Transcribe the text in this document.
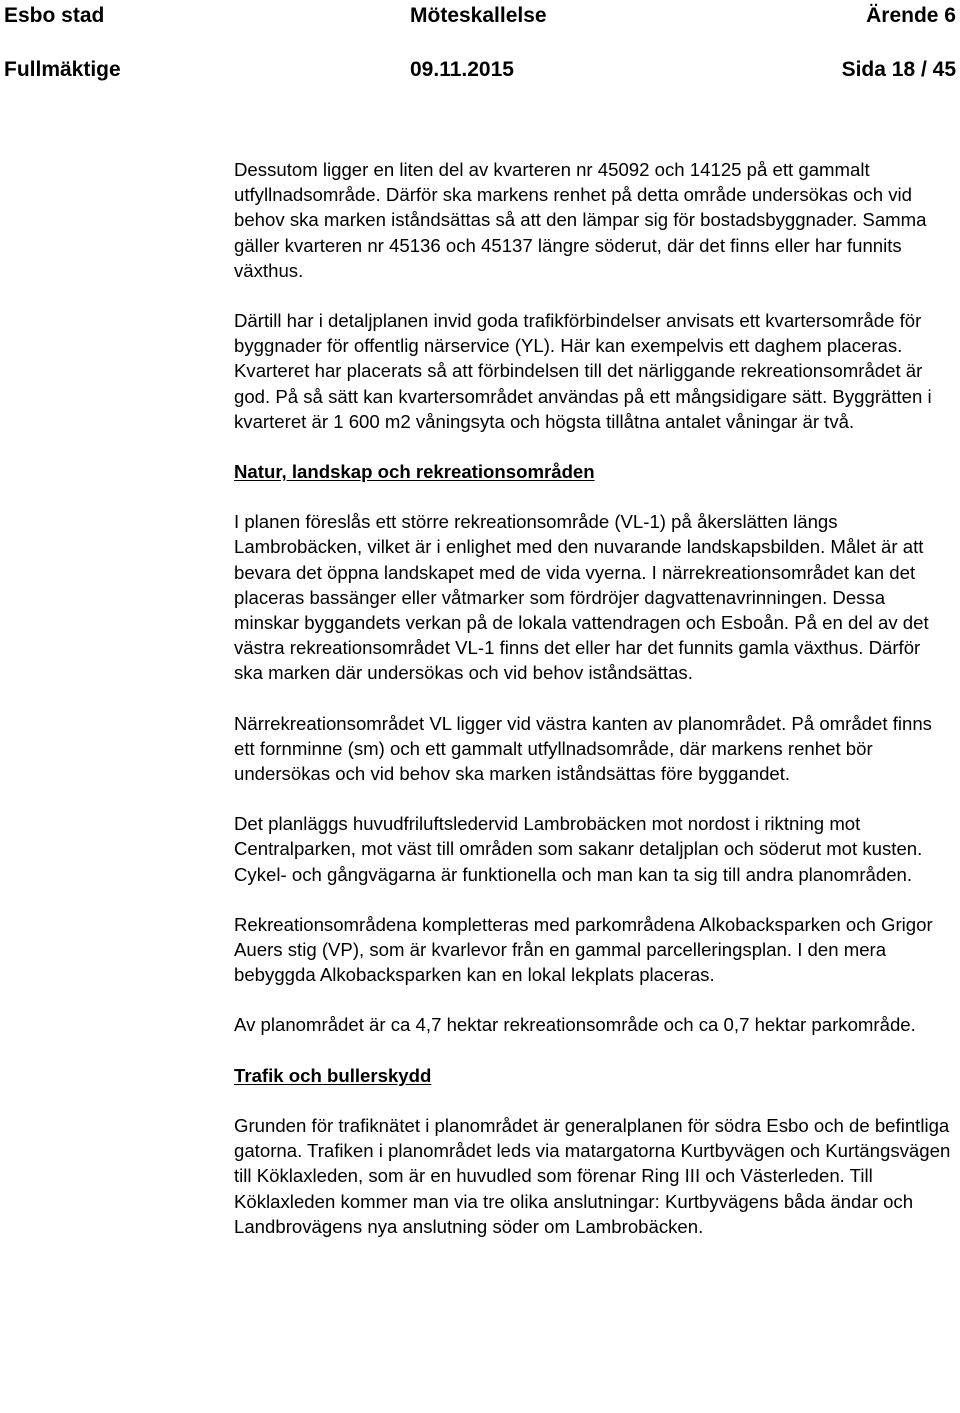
Esbo stad	Möteskallelse	Ärende 6
Fullmäktige	09.11.2015	Sida 18 / 45

Dessutom ligger en liten del av kvarteren nr 45092 och 14125 på ett gammalt utfyllnadsområde. Därför ska markens renhet på detta område undersökas och vid behov ska marken iståndsättas så att den lämpar sig för bostadsbyggnader. Samma gäller kvarteren nr 45136 och 45137 längre söderut, där det finns eller har funnits växthus.

Därtill har i detaljplanen invid goda trafikförbindelser anvisats ett kvartersområde för byggnader för offentlig närservice (YL). Här kan exempelvis ett daghem placeras. Kvarteret har placerats så att förbindelsen till det närliggande rekreationsområdet är god. På så sätt kan kvartersområdet användas på ett mångsidigare sätt. Byggrätten i kvarteret är 1 600 m2 våningsyta och högsta tillåtna antalet våningar är två.

Natur, landskap och rekreationsområden

I planen föreslås ett större rekreationsområde (VL-1) på åkerslätten längs Lambrobäcken, vilket är i enlighet med den nuvarande landskapsbilden. Målet är att bevara det öppna landskapet med de vida vyerna. I närrekreationsområdet kan det placeras bassänger eller våtmarker som fördröjer dagvattenavrinningen. Dessa minskar byggandets verkan på de lokala vattendragen och Esboån. På en del av det västra rekreationsområdet VL-1 finns det eller har det funnits gamla växthus. Därför ska marken där undersökas och vid behov iståndsättas.

Närrekreationsområdet VL ligger vid västra kanten av planområdet. På området finns ett fornminne (sm) och ett gammalt utfyllnadsområde, där markens renhet bör undersökas och vid behov ska marken iståndsättas före byggandet.

Det planläggs huvudfriluftsledervid Lambrobäcken mot nordost i riktning mot Centralparken, mot väst till områden som sakanr detaljplan och söderut mot kusten. Cykel- och gångvägarna är funktionella och man kan ta sig till andra planområden.

Rekreationsområdena kompletteras med parkområdena Alkobacksparken och Grigor Auers stig (VP), som är kvarlevor från en gammal parcelleringsplan. I den mera bebyggda Alkobacksparken kan en lokal lekplats placeras.

Av planområdet är ca 4,7 hektar rekreationsområde och ca 0,7 hektar parkområde.

Trafik och bullerskydd

Grunden för trafiknätet i planområdet är generalplanen för södra Esbo och de befintliga gatorna. Trafiken i planområdet leds via matargatorna Kurtbyvägen och Kurtängsvägen till Köklaxleden, som är en huvudled som förenar Ring III och Västerleden. Till Köklaxleden kommer man via tre olika anslutningar: Kurtbyvägens båda ändar och Landbrovägens nya anslutning söder om Lambrobäcken.
